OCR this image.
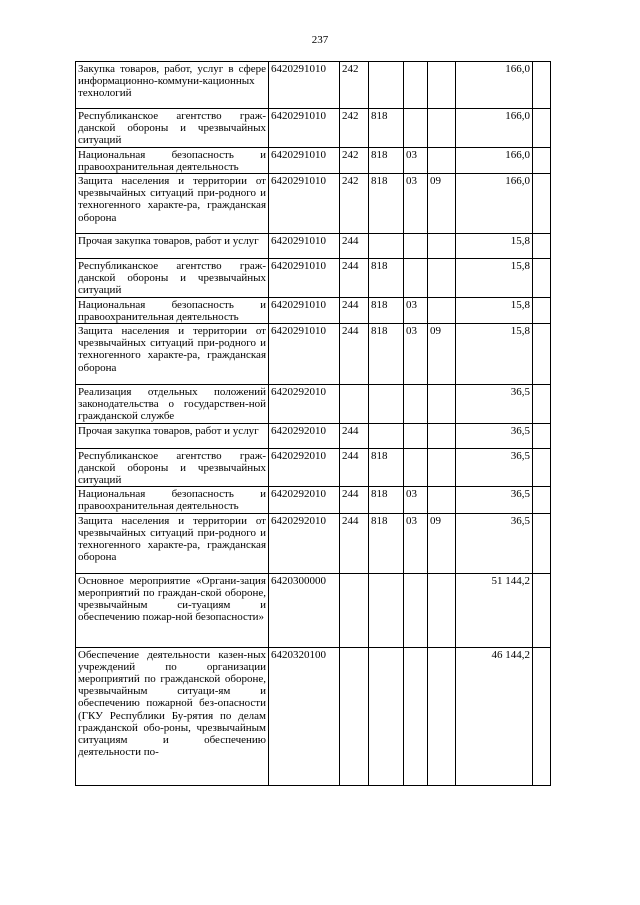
237
Закупка товаров, работ, услуг в сфере информационно-коммуни-кационных технологий	6420291010	242				166,0	
Республиканское агентство граж-данской обороны и чрезвычайных ситуаций	6420291010	242	818			166,0	
Национальная безопасность и правоохранительная деятельность	6420291010	242	818	03		166,0	
Защита населения и территории от чрезвычайных ситуаций при-родного и техногенного характе-ра, гражданская оборона	6420291010	242	818	03	09	166,0	
Прочая закупка товаров, работ и услуг	6420291010	244				15,8	
Республиканское агентство граж-данской обороны и чрезвычайных ситуаций	6420291010	244	818			15,8	
Национальная безопасность и правоохранительная деятельность	6420291010	244	818	03		15,8	
Защита населения и территории от чрезвычайных ситуаций при-родного и техногенного характе-ра, гражданская оборона	6420291010	244	818	03	09	15,8	
Реализация отдельных положений законодательства о государствен-ной гражданской службе	6420292010					36,5	
Прочая закупка товаров, работ и услуг	6420292010	244				36,5	
Республиканское агентство граж-данской обороны и чрезвычайных ситуаций	6420292010	244	818			36,5	
Национальная безопасность и правоохранительная деятельность	6420292010	244	818	03		36,5	
Защита населения и территории от чрезвычайных ситуаций при-родного и техногенного характе-ра, гражданская оборона	6420292010	244	818	03	09	36,5	
Основное мероприятие «Органи-зация мероприятий по граждан-ской обороне, чрезвычайным си-туациям и обеспечению пожар-ной безопасности»	6420300000					51 144,2	
Обеспечение деятельности казен-ных учреждений по организации мероприятий по гражданской обороне, чрезвычайным ситуаци-ям и обеспечению пожарной без-опасности (ГКУ Республики Бу-рятия по делам гражданской обо-роны, чрезвычайным ситуациям и обеспечению деятельности по-	6420320100					46 144,2	
